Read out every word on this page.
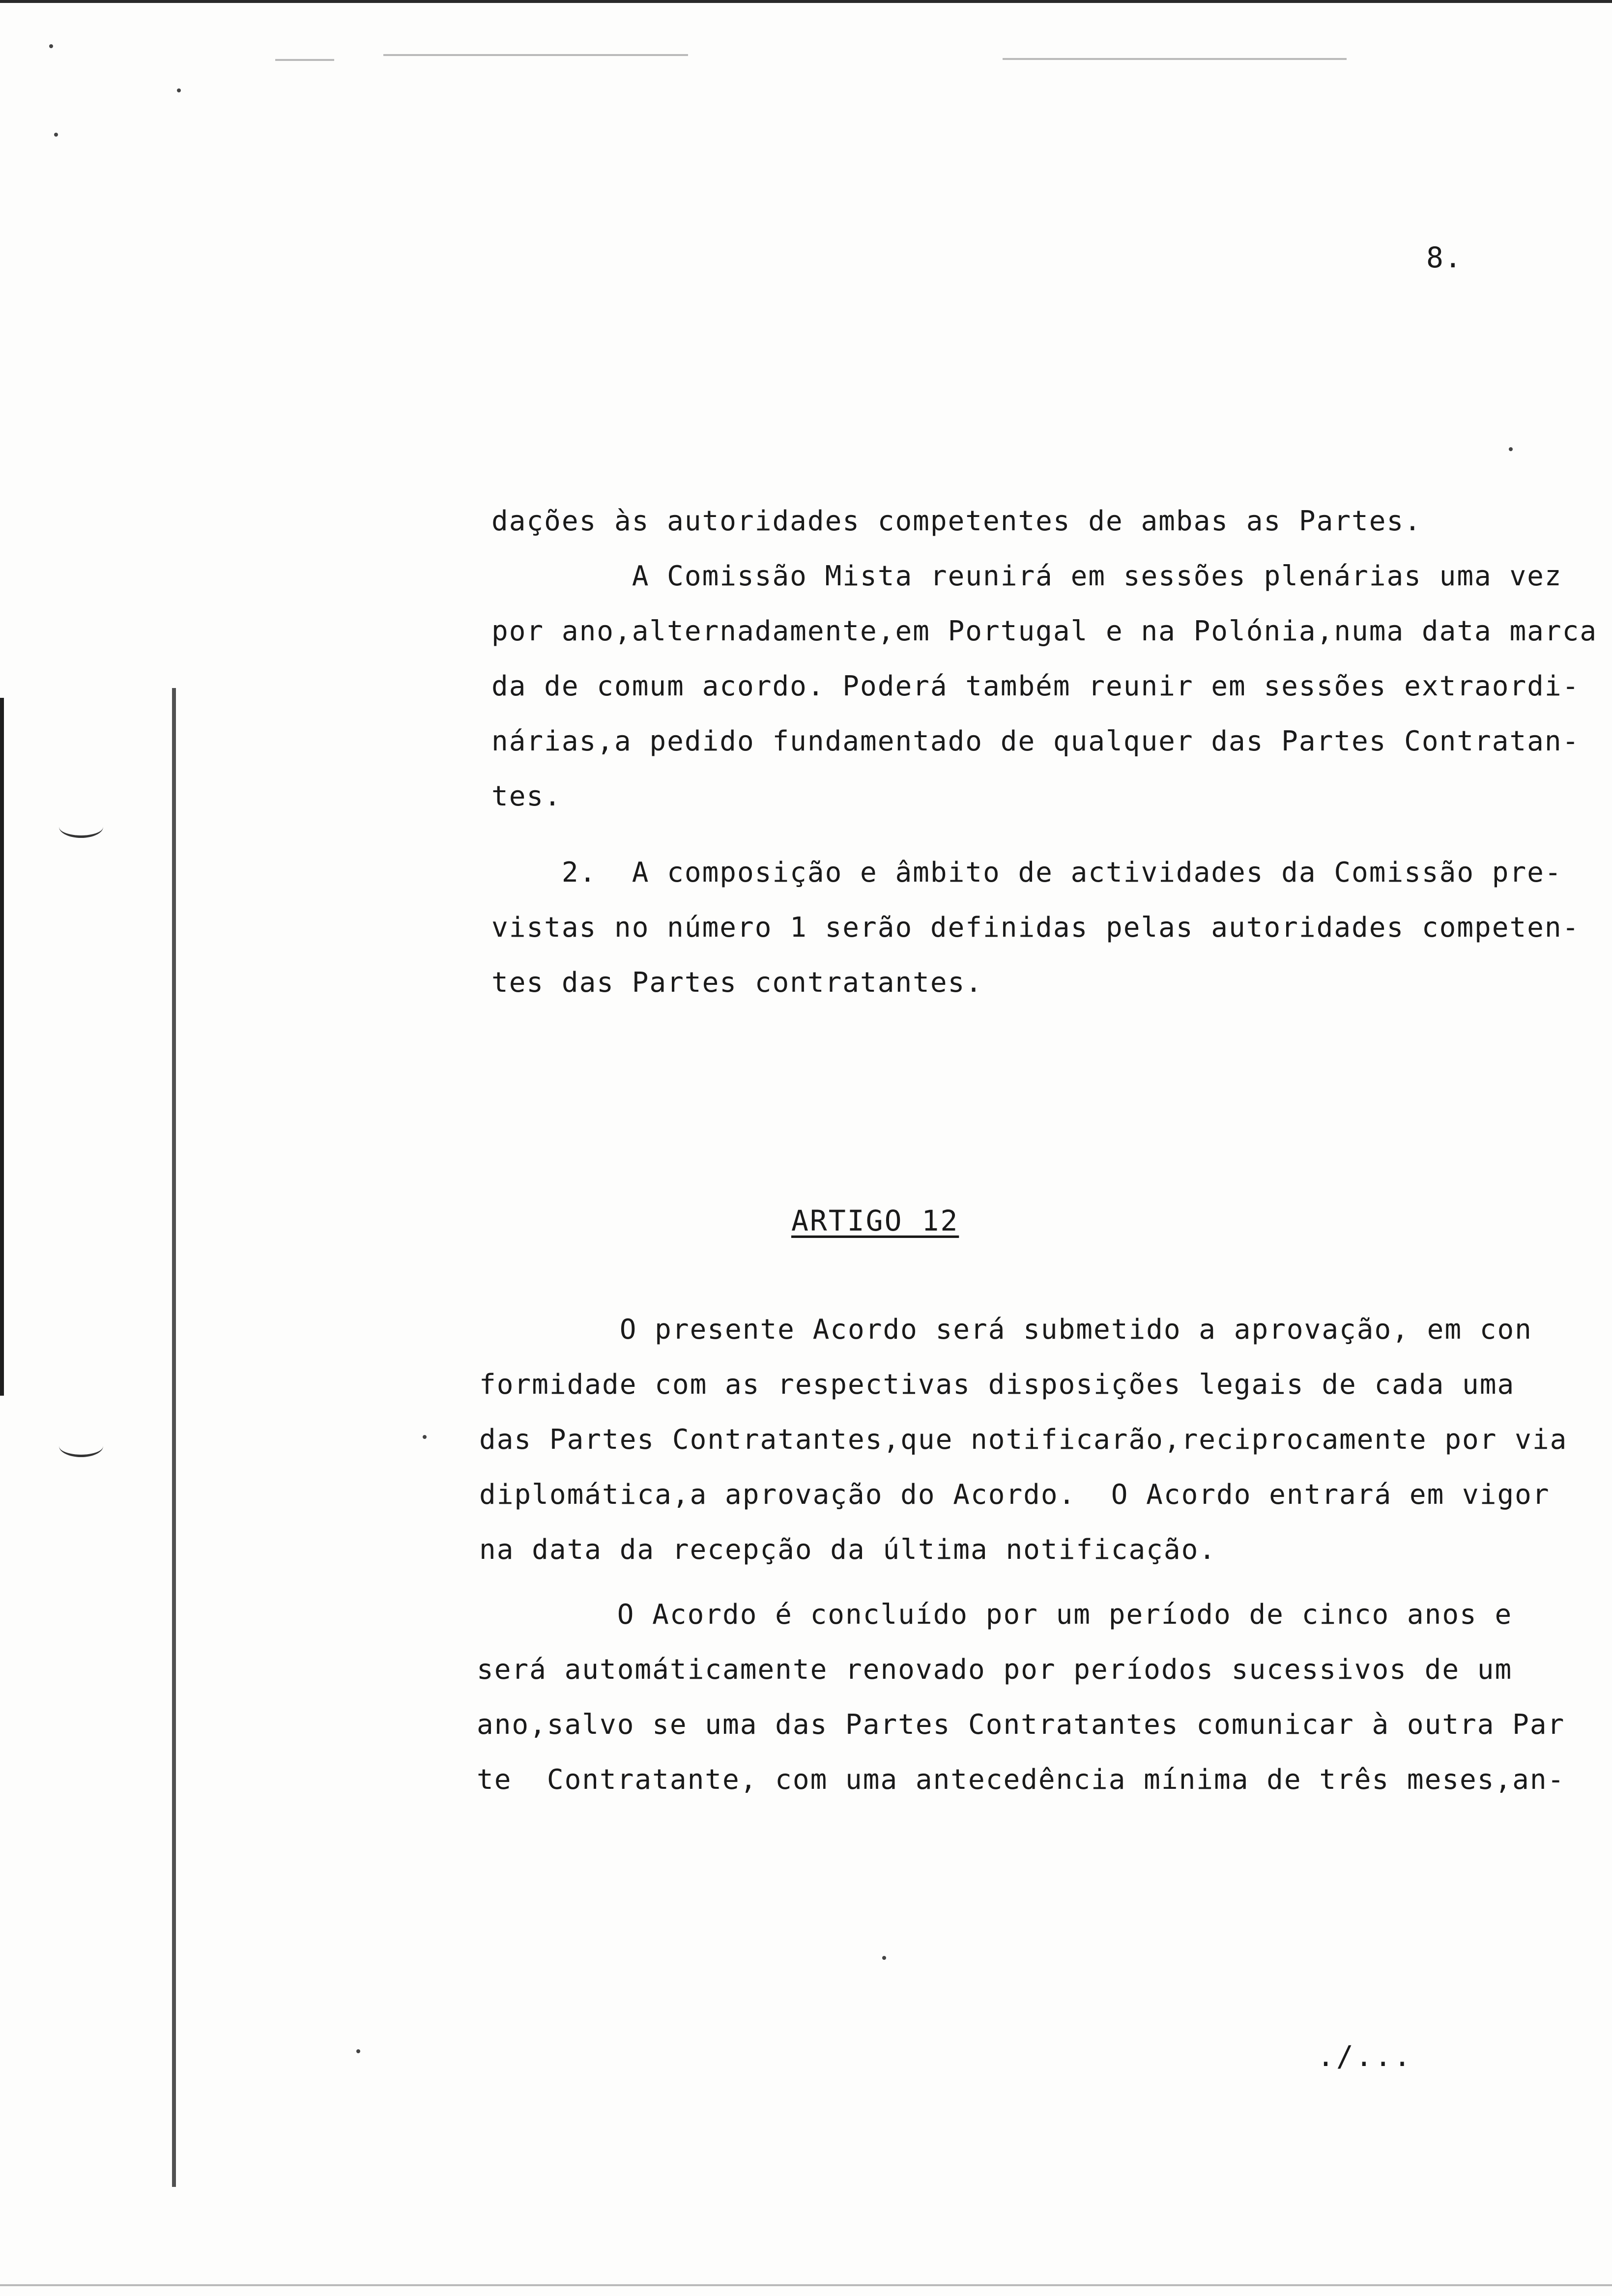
8.
dações às autoridades competentes de ambas as Partes.
A Comissão Mista reunirá em sessões plenárias uma vez
por ano,alternadamente,em Portugal e na Polónia,numa data marca
da de comum acordo. Poderá também reunir em sessões extraordi-
nárias,a pedido fundamentado de qualquer das Partes Contratan-
tes.
2.  A composição e âmbito de actividades da Comissão pre-
vistas no número 1 serão definidas pelas autoridades competen-
tes das Partes contratantes.
ARTIGO 12
O presente Acordo será submetido a aprovação, em con
formidade com as respectivas disposições legais de cada uma
das Partes Contratantes,que notificarão,reciprocamente por via
diplomática,a aprovação do Acordo.  O Acordo entrará em vigor
na data da recepção da última notificação.
O Acordo é concluído por um período de cinco anos e
será automáticamente renovado por períodos sucessivos de um
ano,salvo se uma das Partes Contratantes comunicar à outra Par
te  Contratante, com uma antecedência mínima de três meses,an-
./...
